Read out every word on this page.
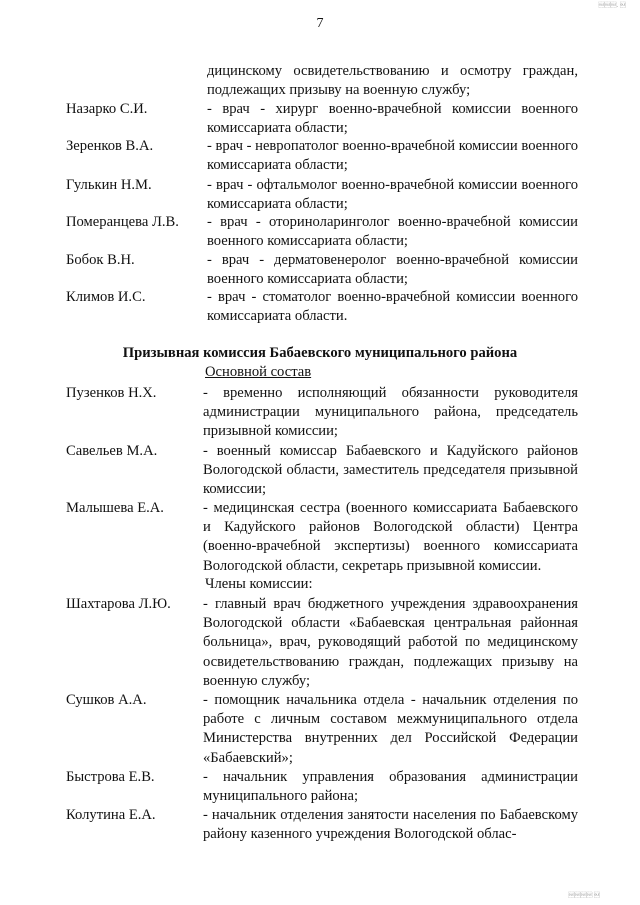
7
. 
 
дицинскому освидетельствованию и осмотру граждан, подлежащих призыву на военную службу;
Назарко С.И.	- врач - хирург военно-врачебной комиссии военного комиссариата области;
Зеренков В.А.	- врач - невропатолог военно-врачебной комиссии военного комиссариата области;
Гулькин Н.М.	- врач - офтальмолог военно-врачебной комиссии военного комиссариата области;
Померанцева Л.В. - врач - оториноларинголог военно-врачебной комиссии военного комиссариата области;
Бобок В.Н.	- врач - дерматовенеролог военно-врачебной комиссии военного комиссариата области;
Климов И.С.	- врач - стоматолог военно-врачебной комиссии военного комиссариата области.
Призывная комиссия Бабаевского муниципального района
Основной состав
Пузенков Н.Х.	- временно исполняющий обязанности руководителя администрации муниципального района, председатель призывной комиссии;
Савельев М.А.	- военный комиссар Бабаевского и Кадуйского районов Вологодской области, заместитель председателя призывной комиссии;
Малышева Е.А.	- медицинская сестра (военного комиссариата Бабаевского и Кадуйского районов Вологодской области) Центра (военно-врачебной экспертизы) военного комиссариата Вологодской области, секретарь призывной комиссии.
Члены комиссии:
Шахтарова Л.Ю. - главный врач бюджетного учреждения здравоохранения Вологодской области «Бабаевская центральная районная больница», врач, руководящий работой по медицинскому освидетельствованию граждан, подлежащих призыву на военную службу;
Сушков А.А.	- помощник начальника отдела - начальник отделения по работе с личным составом межмуниципального отдела Министерства внутренних дел Российской Федерации «Бабаевский»;
Быстрова Е.В.	- начальник управления образования администрации муниципального района;
Колутина Е.А.	- начальник отделения занятости населения по Бабаевскому району казенного учреждения Вологодской облас-
